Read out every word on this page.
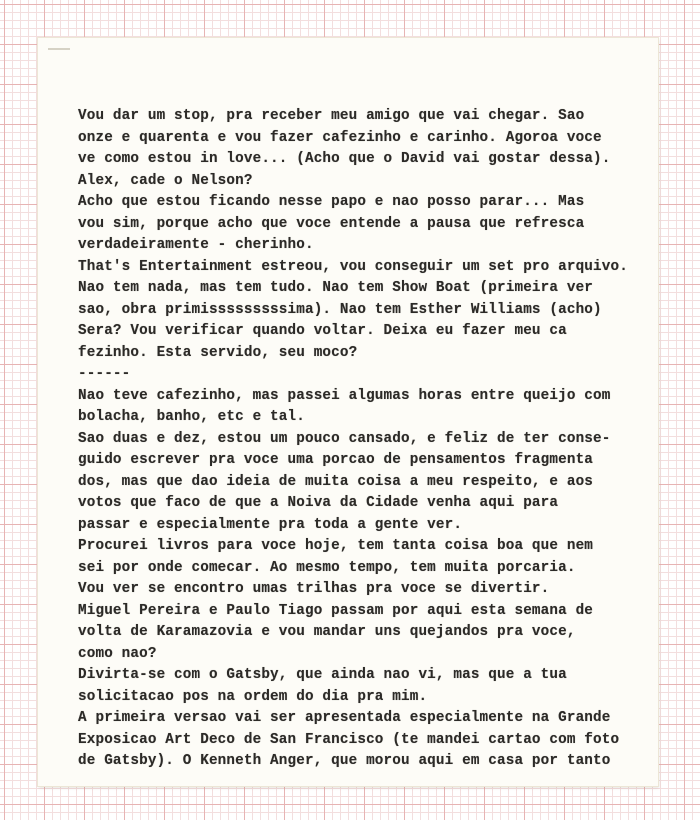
Vou dar um stop, pra receber meu amigo que vai chegar. Sao
onze e quarenta e vou fazer cafezinho e carinho. Agoroa voce
ve como estou in love... (Acho que o David vai gostar dessa).
Alex, cade o Nelson?
Acho que estou ficando nesse papo e nao posso parar... Mas
vou sim, porque acho que voce entende a pausa que refresca
verdadeiramente - cherinho.
That's Entertainment estreou, vou conseguir um set pro arquivo.
Nao tem nada, mas tem tudo. Nao tem Show Boat (primeira ver
sao, obra primisssssssssima). Nao tem Esther Williams (acho)
Sera? Vou verificar quando voltar. Deixa eu fazer meu ca
fezinho. Esta servido, seu moco?
------
Nao teve cafezinho, mas passei algumas horas entre queijo com
bolacha, banho, etc e tal.
Sao duas e dez, estou um pouco cansado, e feliz de ter conse-
guido escrever pra voce uma porcao de pensamentos fragmenta
dos, mas que dao ideia de muita coisa a meu respeito, e aos
votos que faco de que a Noiva da Cidade venha aqui para
passar e especialmente pra toda a gente ver.
Procurei livros para voce hoje, tem tanta coisa boa que nem
sei por onde comecar. Ao mesmo tempo, tem muita porcaria.
Vou ver se encontro umas trilhas pra voce se divertir.
Miguel Pereira e Paulo Tiago passam por aqui esta semana de
volta de Karamazovia e vou mandar uns quejandos pra voce,
como nao?
Divirta-se com o Gatsby, que ainda nao vi, mas que a tua
solicitacao pos na ordem do dia pra mim.
A primeira versao vai ser apresentada especialmente na Grande
Exposicao Art Deco de San Francisco (te mandei cartao com foto
de Gatsby). O Kenneth Anger, que morou aqui em casa por tanto
